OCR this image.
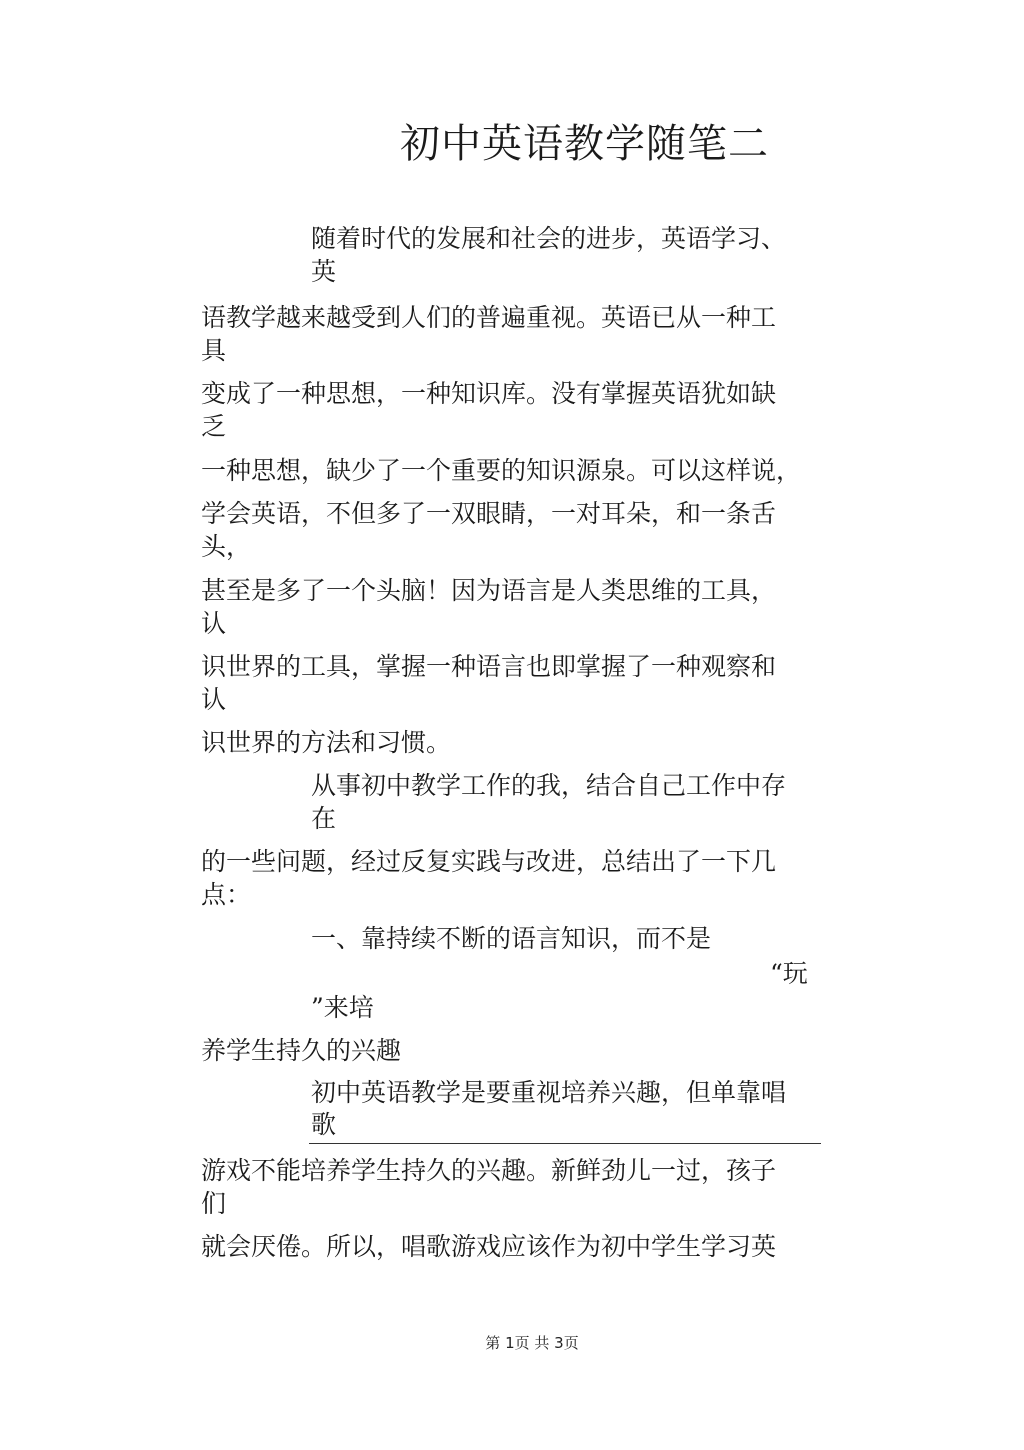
初中英语教学随笔二
随着时代的发展和社会的进步，英语学习、
英
语教学越来越受到人们的普遍重视。英语已从一种工
具
变成了一种思想，一种知识库。没有掌握英语犹如缺
乏
一种思想，缺少了一个重要的知识源泉。可以这样说，
学会英语，不但多了一双眼睛，一对耳朵，和一条舌
头，
甚至是多了一个头脑！因为语言是人类思维的工具，
认
识世界的工具，掌握一种语言也即掌握了一种观察和
认
识世界的方法和习惯。
从事初中教学工作的我，结合自己工作中存
在
的一些问题，经过反复实践与改进，总结出了一下几
点：
一、靠持续不断的语言知识，而不是
“玩
”来培
养学生持久的兴趣
初中英语教学是要重视培养兴趣，但单靠唱
歌
游戏不能培养学生持久的兴趣。新鲜劲儿一过，孩子
们
就会厌倦。所以，唱歌游戏应该作为初中学生学习英
第 1页 共 3页
